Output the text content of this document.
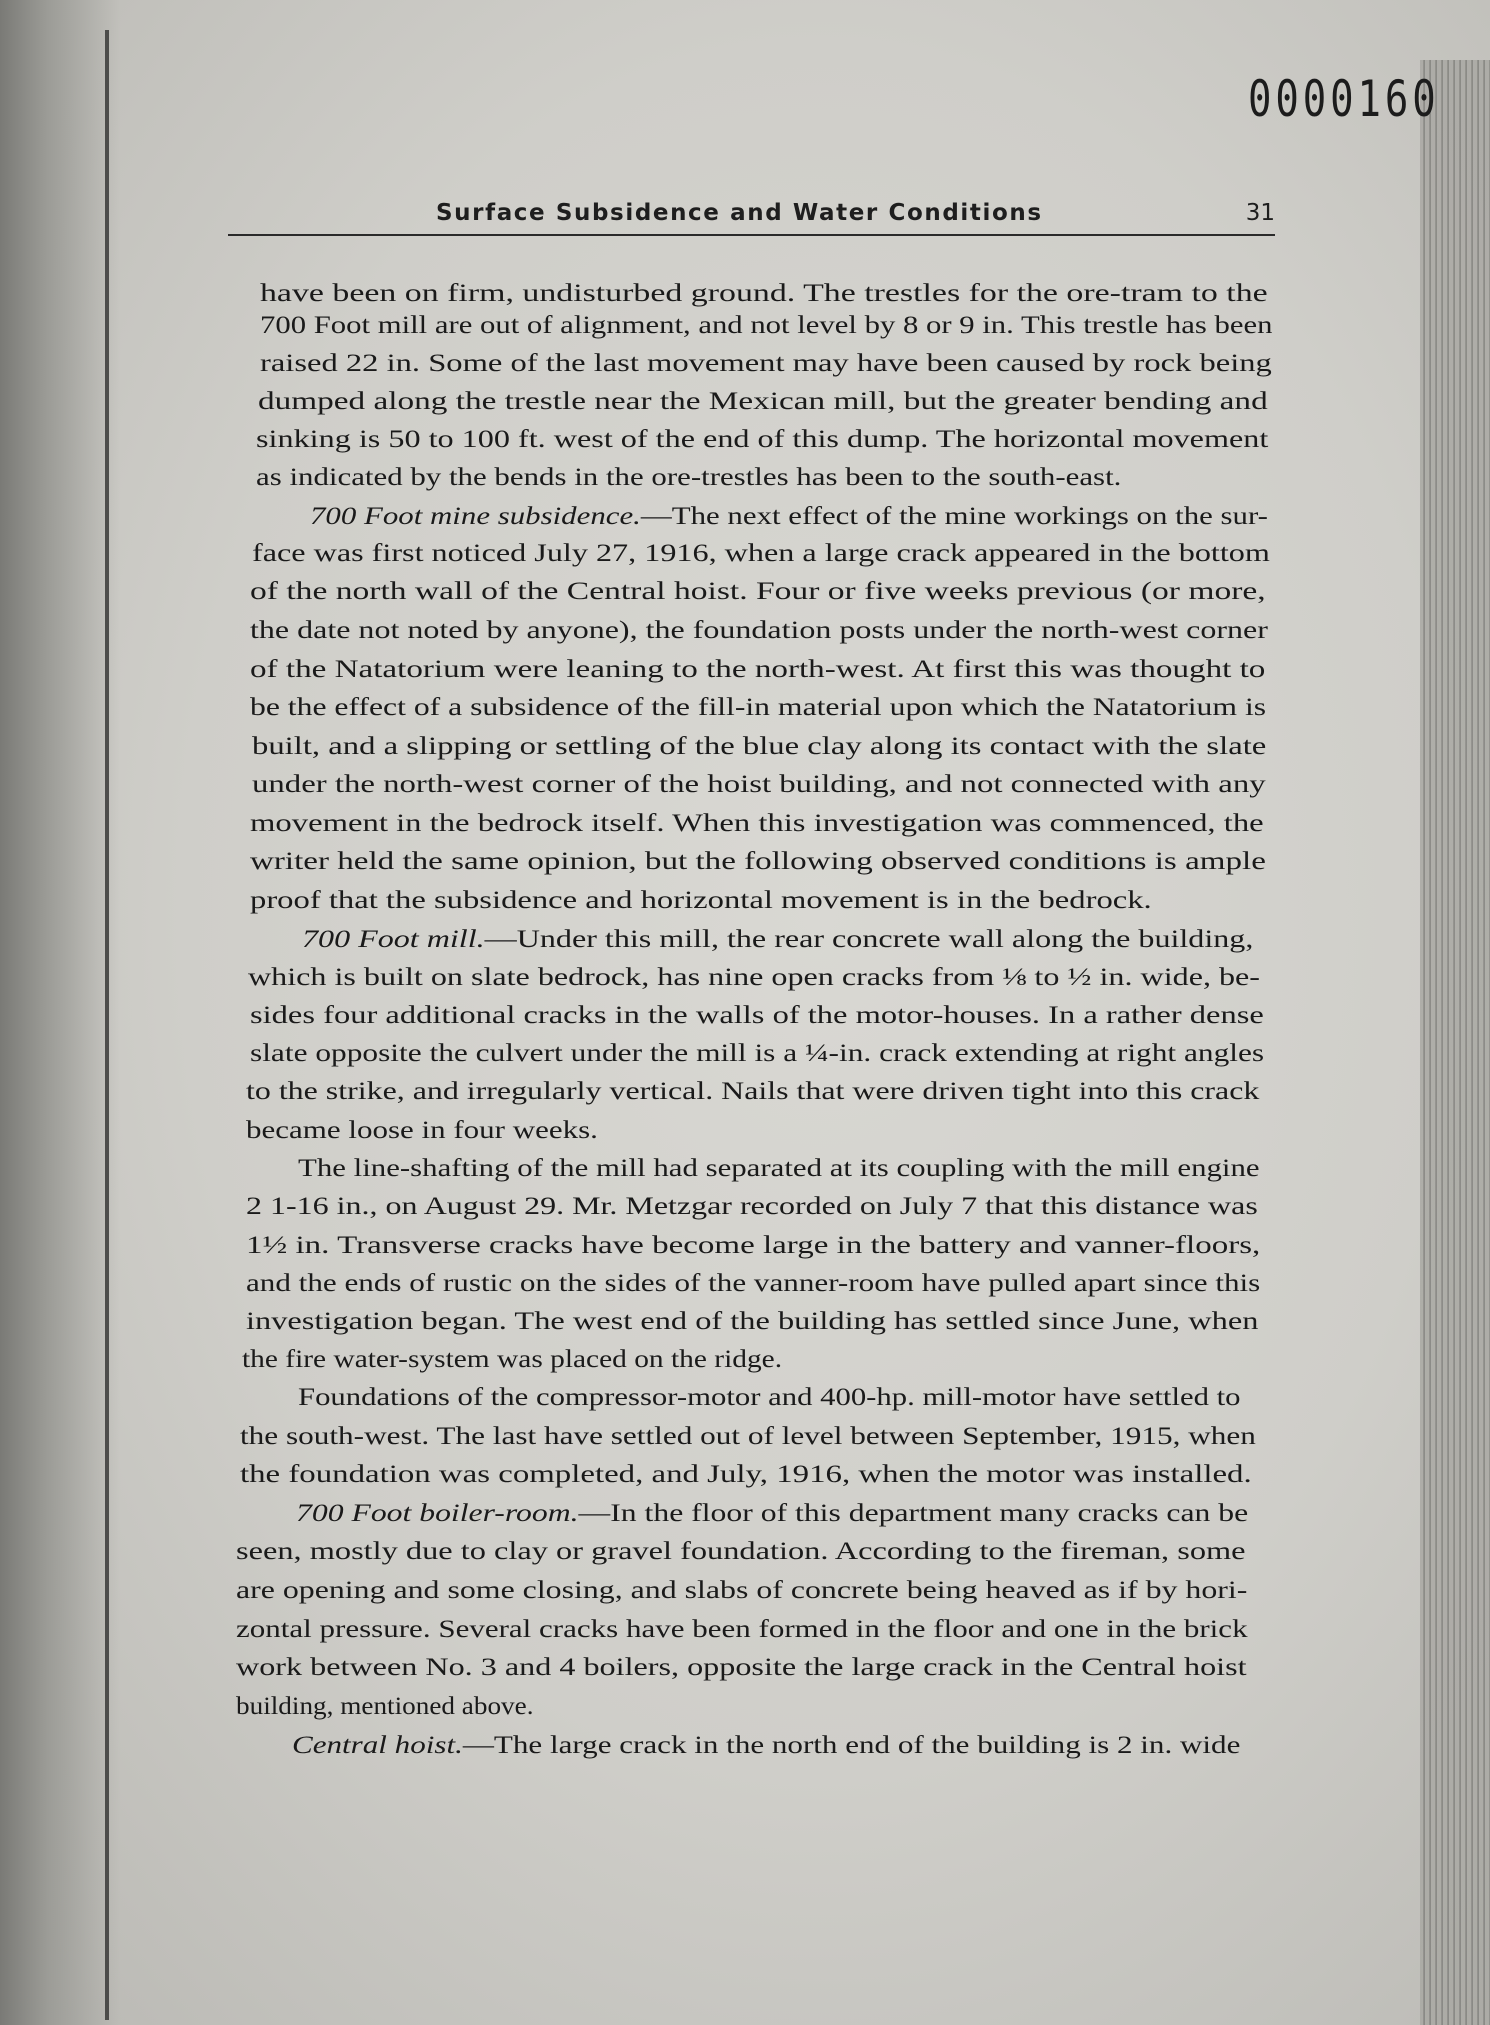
0000160
Surface Subsidence and Water Conditions	31
have been on firm, undisturbed ground. The trestles for the ore-tram to the
700 Foot mill are out of alignment, and not level by 8 or 9 in. This trestle has been
raised 22 in. Some of the last movement may have been caused by rock being
dumped along the trestle near the Mexican mill, but the greater bending and
sinking is 50 to 100 ft. west of the end of this dump. The horizontal movement
as indicated by the bends in the ore-trestles has been to the south-east.
700 Foot mine subsidence.—The next effect of the mine workings on the sur-
face was first noticed July 27, 1916, when a large crack appeared in the bottom
of the north wall of the Central hoist. Four or five weeks previous (or more,
the date not noted by anyone), the foundation posts under the north-west corner
of the Natatorium were leaning to the north-west. At first this was thought to
be the effect of a subsidence of the fill-in material upon which the Natatorium is
built, and a slipping or settling of the blue clay along its contact with the slate
under the north-west corner of the hoist building, and not connected with any
movement in the bedrock itself. When this investigation was commenced, the
writer held the same opinion, but the following observed conditions is ample
proof that the subsidence and horizontal movement is in the bedrock.
700 Foot mill.—Under this mill, the rear concrete wall along the building,
which is built on slate bedrock, has nine open cracks from ⅛ to ½ in. wide, be-
sides four additional cracks in the walls of the motor-houses. In a rather dense
slate opposite the culvert under the mill is a ¼-in. crack extending at right angles
to the strike, and irregularly vertical. Nails that were driven tight into this crack
became loose in four weeks.
The line-shafting of the mill had separated at its coupling with the mill engine
2 1-16 in., on August 29. Mr. Metzgar recorded on July 7 that this distance was
1½ in. Transverse cracks have become large in the battery and vanner-floors,
and the ends of rustic on the sides of the vanner-room have pulled apart since this
investigation began. The west end of the building has settled since June, when
the fire water-system was placed on the ridge.
Foundations of the compressor-motor and 400-hp. mill-motor have settled to
the south-west. The last have settled out of level between September, 1915, when
the foundation was completed, and July, 1916, when the motor was installed.
700 Foot boiler-room.—In the floor of this department many cracks can be
seen, mostly due to clay or gravel foundation. According to the fireman, some
are opening and some closing, and slabs of concrete being heaved as if by hori-
zontal pressure. Several cracks have been formed in the floor and one in the brick
work between No. 3 and 4 boilers, opposite the large crack in the Central hoist
building, mentioned above.
Central hoist.—The large crack in the north end of the building is 2 in. wide
